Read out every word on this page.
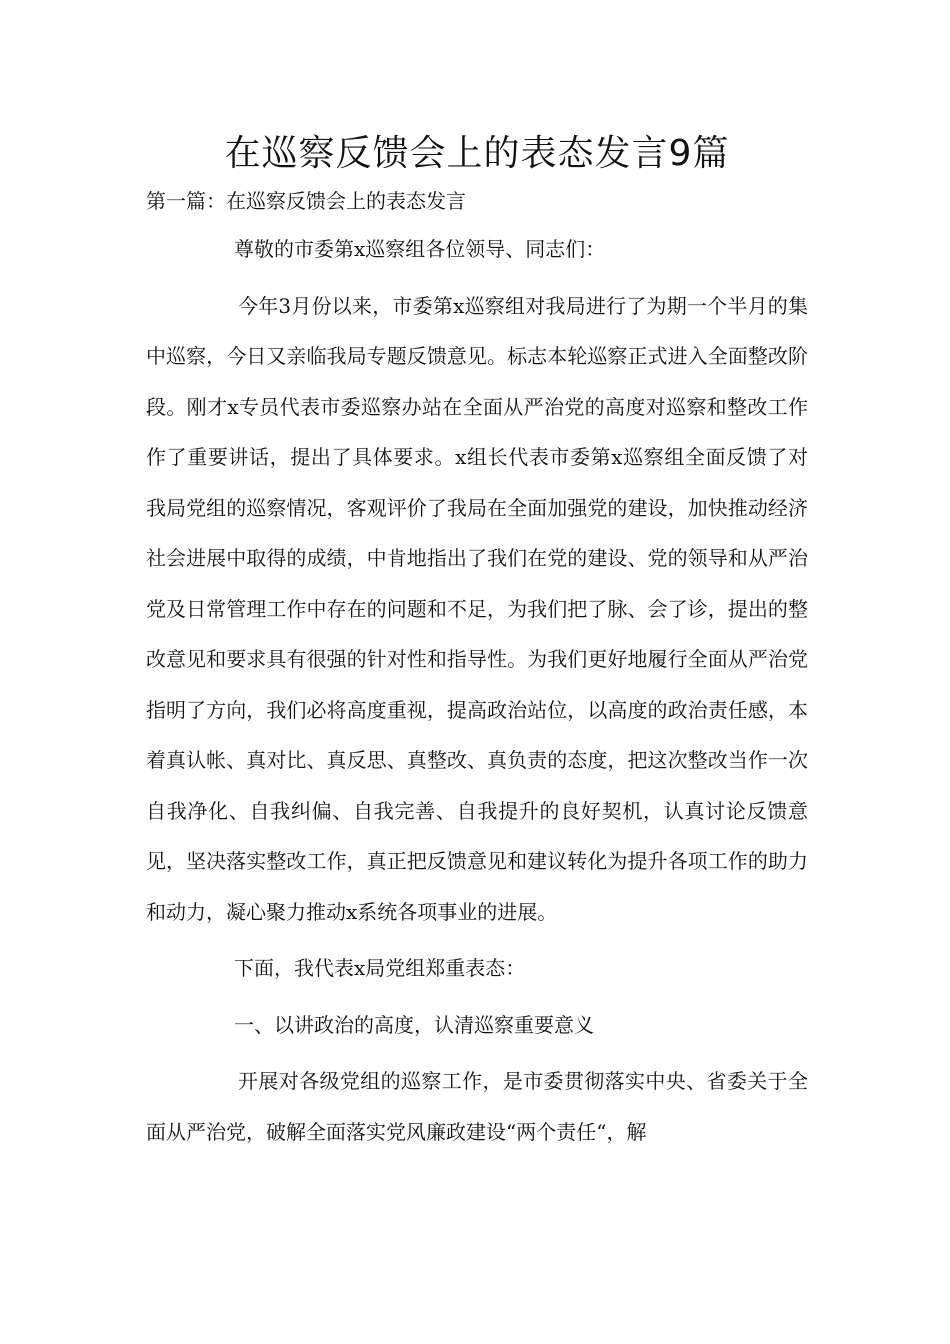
在巡察反馈会上的表态发言9篇

第一篇：在巡察反馈会上的表态发言

尊敬的市委第x巡察组各位领导、同志们：

今年3月份以来，市委第x巡察组对我局进行了为期一个半月的集中巡察，今日又亲临我局专题反馈意见。标志本轮巡察正式进入全面整改阶段。刚才x专员代表市委巡察办站在全面从严治党的高度对巡察和整改工作作了重要讲话，提出了具体要求。x组长代表市委第x巡察组全面反馈了对我局党组的巡察情况，客观评价了我局在全面加强党的建设，加快推动经济社会进展中取得的成绩，中肯地指出了我们在党的建设、党的领导和从严治党及日常管理工作中存在的问题和不足，为我们把了脉、会了诊，提出的整改意见和要求具有很强的针对性和指导性。为我们更好地履行全面从严治党指明了方向，我们必将高度重视，提高政治站位，以高度的政治责任感，本着真认帐、真对比、真反思、真整改、真负责的态度，把这次整改当作一次自我净化、自我纠偏、自我完善、自我提升的良好契机，认真讨论反馈意见，坚决落实整改工作，真正把反馈意见和建议转化为提升各项工作的助力和动力，凝心聚力推动x系统各项事业的进展。

下面，我代表x局党组郑重表态：

一、以讲政治的高度，认清巡察重要意义

开展对各级党组的巡察工作，是市委贯彻落实中央、省委关于全面从严治党，破解全面落实党风廉政建设“两个责任“，解
